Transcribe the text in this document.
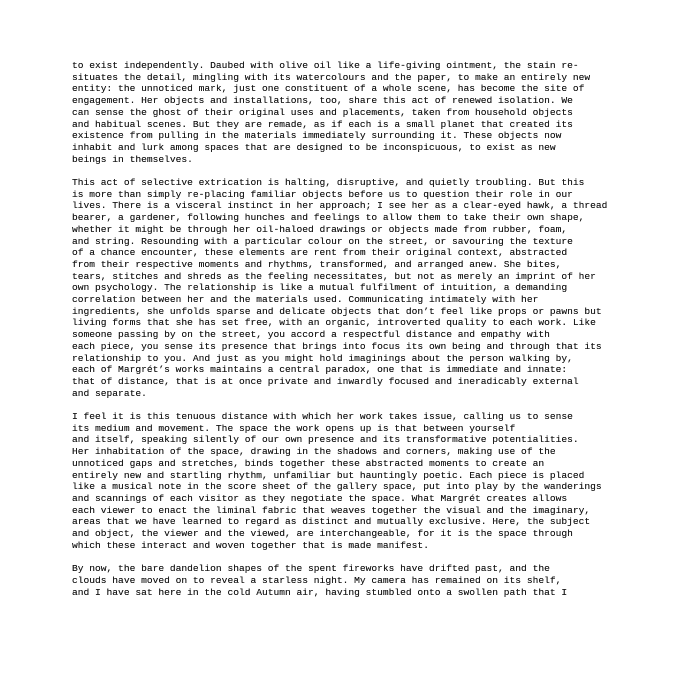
to exist independently. Daubed with olive oil like a life-giving ointment, the stain re-
situates the detail, mingling with its watercolours and the paper, to make an entirely new
entity: the unnoticed mark, just one constituent of a whole scene, has become the site of
engagement. Her objects and installations, too, share this act of renewed isolation. We
can sense the ghost of their original uses and placements, taken from household objects
and habitual scenes. But they are remade, as if each is a small planet that created its
existence from pulling in the materials immediately surrounding it. These objects now
inhabit and lurk among spaces that are designed to be inconspicuous, to exist as new
beings in themselves.

This act of selective extrication is halting, disruptive, and quietly troubling. But this
is more than simply re-placing familiar objects before us to question their role in our
lives. There is a visceral instinct in her approach; I see her as a clear-eyed hawk, a thread
bearer, a gardener, following hunches and feelings to allow them to take their own shape,
whether it might be through her oil-haloed drawings or objects made from rubber, foam,
and string. Resounding with a particular colour on the street, or savouring the texture
of a chance encounter, these elements are rent from their original context, abstracted
from their respective moments and rhythms, transformed, and arranged anew. She bites,
tears, stitches and shreds as the feeling necessitates, but not as merely an imprint of her
own psychology. The relationship is like a mutual fulfilment of intuition, a demanding
correlation between her and the materials used. Communicating intimately with her
ingredients, she unfolds sparse and delicate objects that don’t feel like props or pawns but
living forms that she has set free, with an organic, introverted quality to each work. Like
someone passing by on the street, you accord a respectful distance and empathy with
each piece, you sense its presence that brings into focus its own being and through that its
relationship to you. And just as you might hold imaginings about the person walking by,
each of Margrét’s works maintains a central paradox, one that is immediate and innate:
that of distance, that is at once private and inwardly focused and ineradicably external
and separate.

I feel it is this tenuous distance with which her work takes issue, calling us to sense
its medium and movement. The space the work opens up is that between yourself
and itself, speaking silently of our own presence and its transformative potentialities.
Her inhabitation of the space, drawing in the shadows and corners, making use of the
unnoticed gaps and stretches, binds together these abstracted moments to create an
entirely new and startling rhythm, unfamiliar but hauntingly poetic. Each piece is placed
like a musical note in the score sheet of the gallery space, put into play by the wanderings
and scannings of each visitor as they negotiate the space. What Margrét creates allows
each viewer to enact the liminal fabric that weaves together the visual and the imaginary,
areas that we have learned to regard as distinct and mutually exclusive. Here, the subject
and object, the viewer and the viewed, are interchangeable, for it is the space through
which these interact and woven together that is made manifest.

By now, the bare dandelion shapes of the spent fireworks have drifted past, and the
clouds have moved on to reveal a starless night. My camera has remained on its shelf,
and I have sat here in the cold Autumn air, having stumbled onto a swollen path that I
